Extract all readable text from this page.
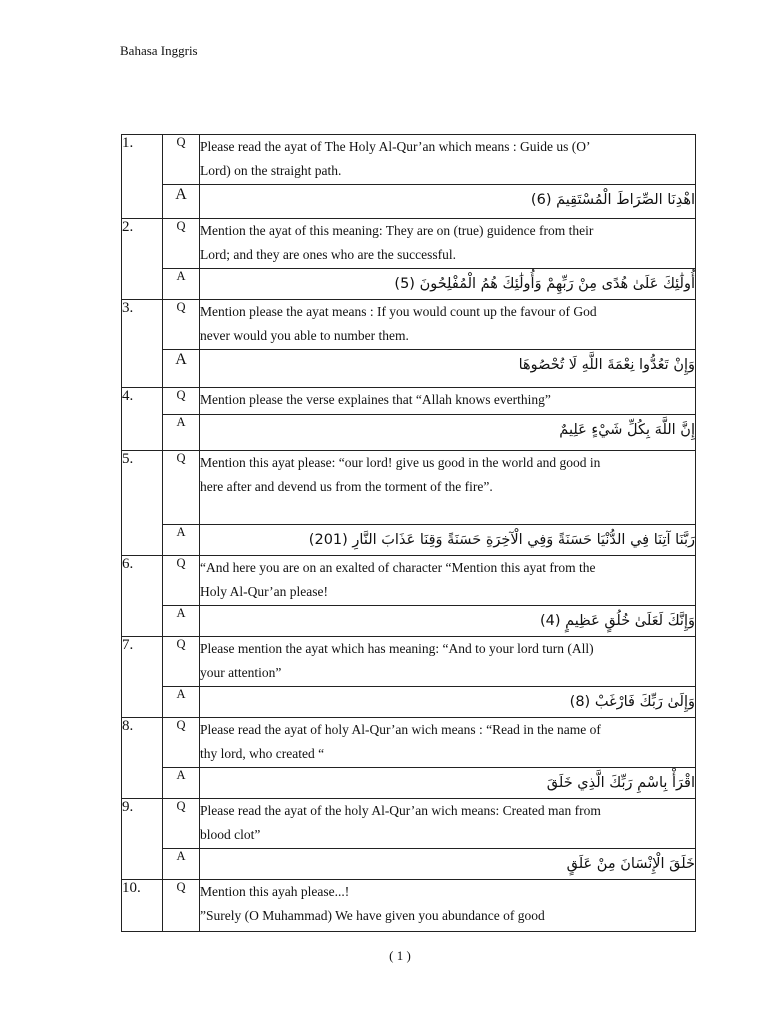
Bahasa Inggris
1.	Q	Please read the ayat of The Holy Al-Qur’an which means : Guide us (O’
Lord) on the straight path.

	A	اهْدِنَا الصِّرَاطَ الْمُسْتَقِيمَ (6)
2.	Q	Mention the ayat of this meaning: They are on (true) guidence from their
Lord; and they are ones who are the successful.

	A	أُولَٰئِكَ عَلَىٰ هُدًى مِنْ رَبِّهِمْ وَأُولَٰئِكَ هُمُ الْمُفْلِحُونَ (5)
3.	Q	Mention please the ayat means : If you would count up the favour of God
never would you able to number them.

	A	وَإِنْ تَعُدُّوا نِعْمَةَ اللَّهِ لَا تُحْصُوهَا
4.	Q	Mention please the verse explaines that “Allah knows everthing”

	A	إِنَّ اللَّهَ بِكُلِّ شَيْءٍ عَلِيمٌ
5.	Q	Mention this ayat please: “our lord! give us good in the world and good in
here after and devend us from the torment of the fire”.

	A	رَبَّنَا آتِنَا فِي الدُّنْيَا حَسَنَةً وَفِي الْآخِرَةِ حَسَنَةً وَقِنَا عَذَابَ النَّارِ (201)
6.	Q	“And here you are on an exalted of character “Mention this ayat from the
Holy Al-Qur’an please!

	A	وَإِنَّكَ لَعَلَىٰ خُلُقٍ عَظِيمٍ (4)
7.	Q	Please mention the ayat which has meaning: “And to your lord turn (All)
your attention”

	A	وَإِلَىٰ رَبِّكَ فَارْغَبْ (8)
8.	Q	Please read the ayat of holy Al-Qur’an wich means : “Read in the name of
thy lord, who created “

	A	اقْرَأْ بِاسْمِ رَبِّكَ الَّذِي خَلَقَ
9.	Q	Please read the ayat of the holy Al-Qur’an wich means: Created man from
blood clot”

	A	خَلَقَ الْإِنْسَانَ مِنْ عَلَقٍ
10.	Q	Mention this ayah please...!
”Surely (O Muhammad) We have given you abundance of good
( 1 )
